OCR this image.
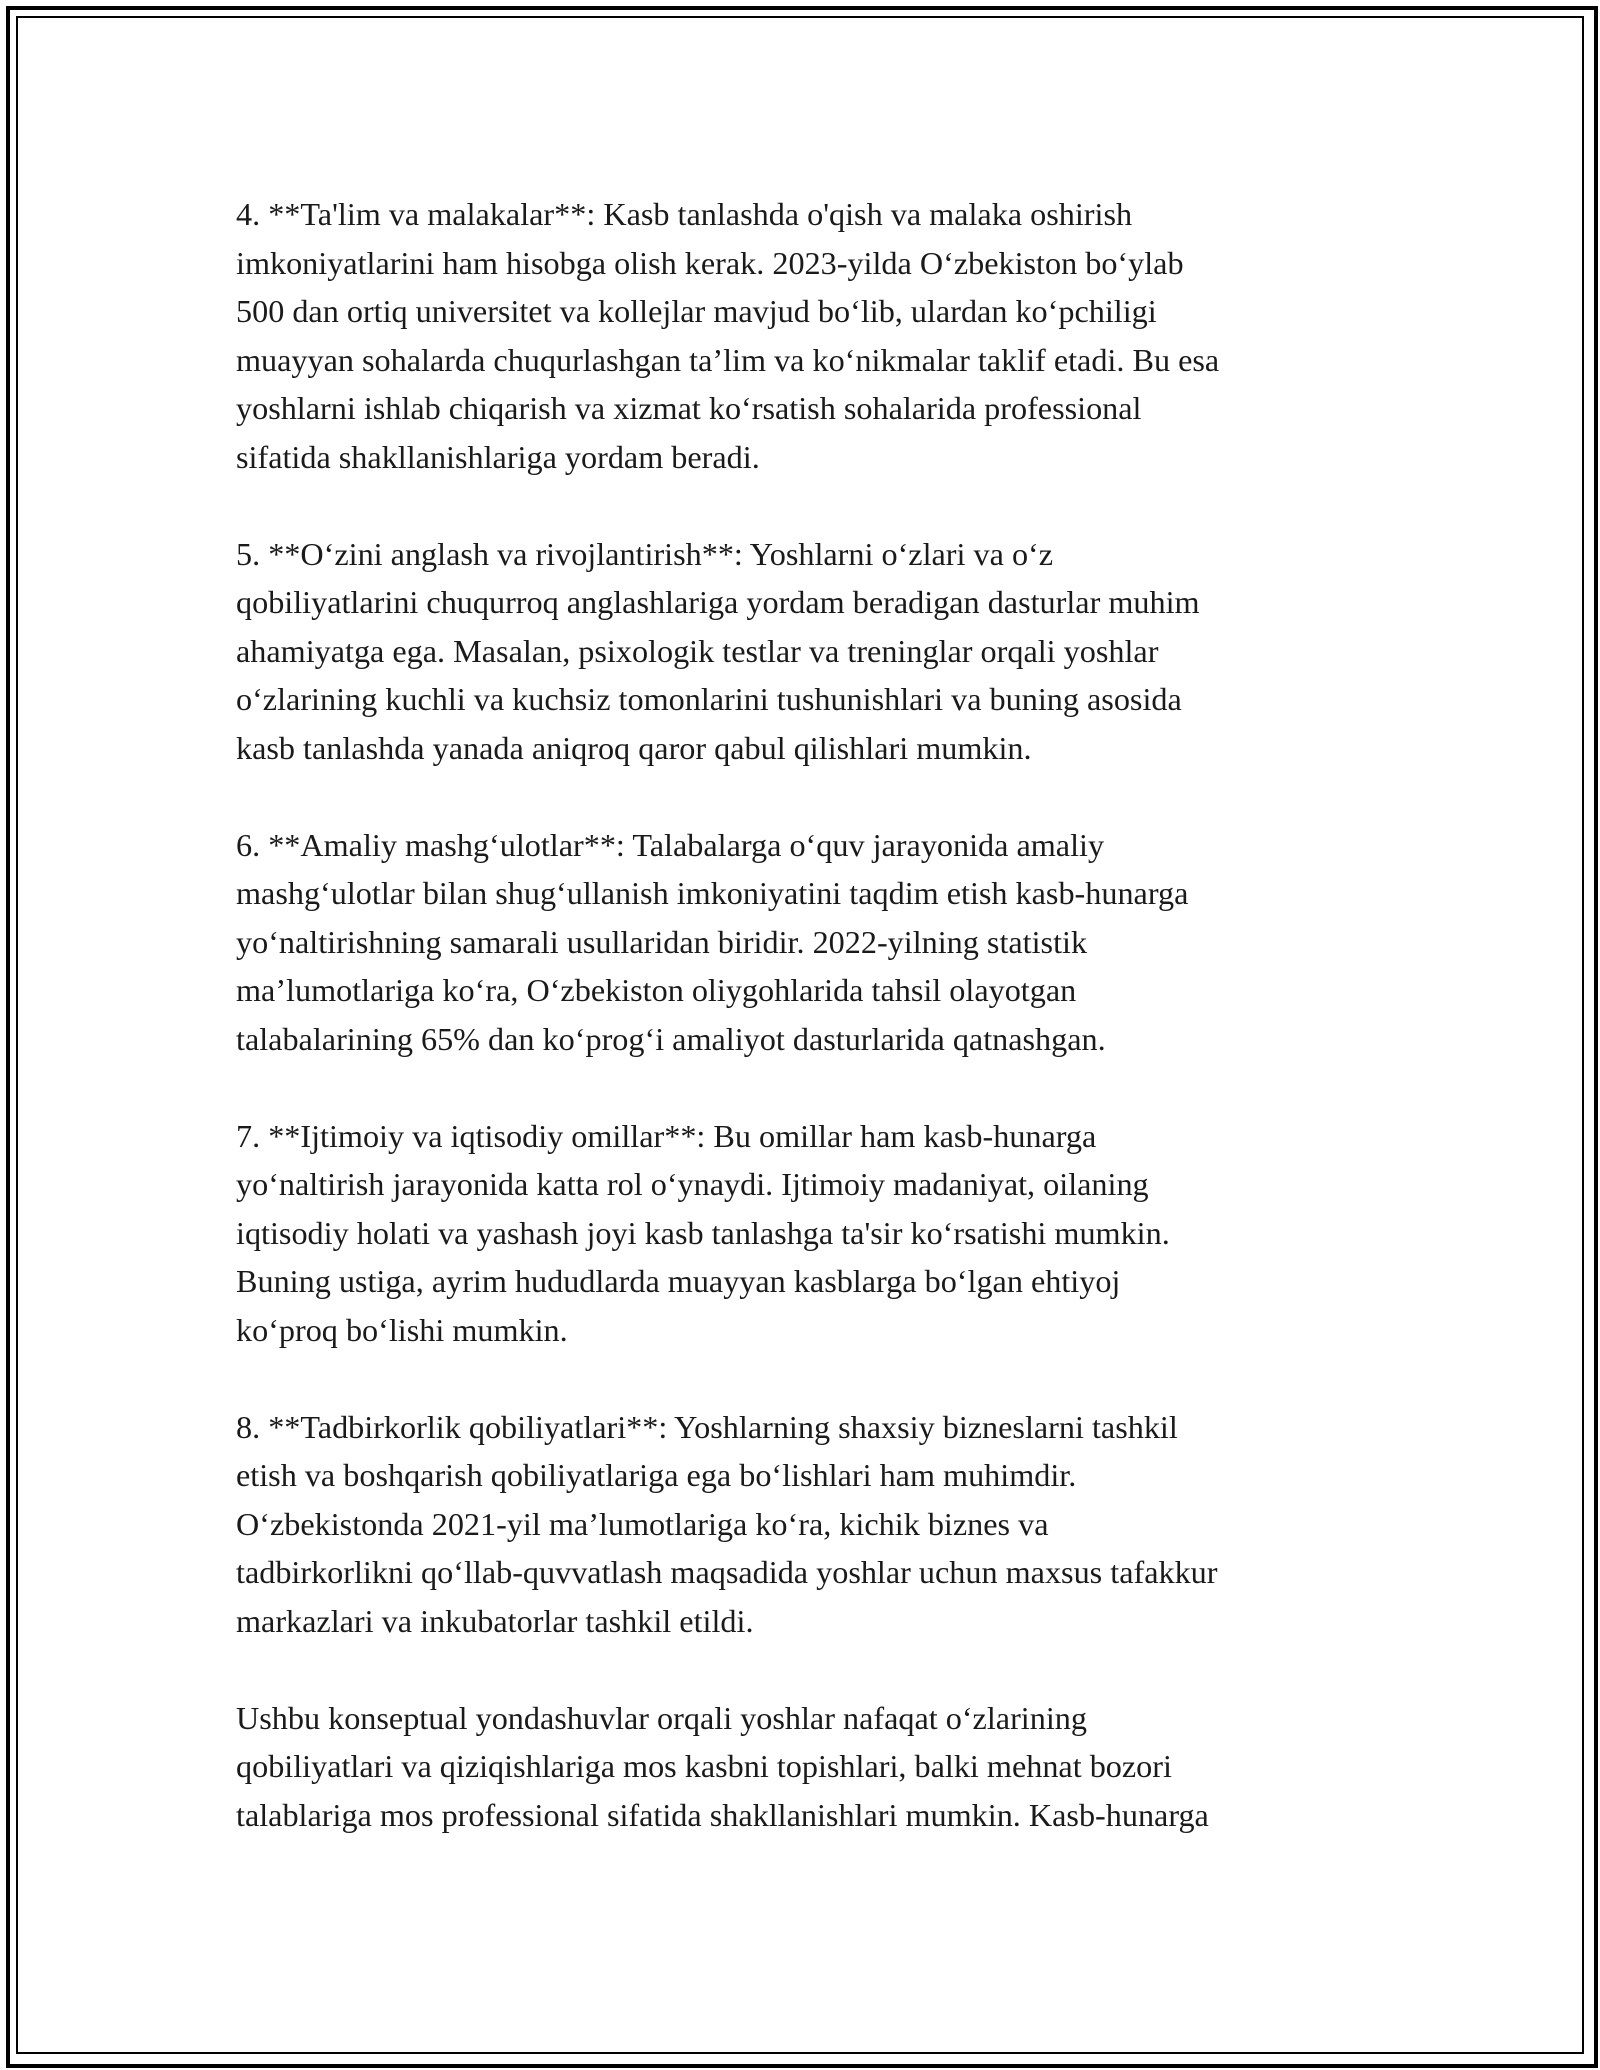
4. **Ta'lim va malakalar**: Kasb tanlashda o'qish va malaka oshirish
imkoniyatlarini ham hisobga olish kerak. 2023-yilda O‘zbekiston bo‘ylab
500 dan ortiq universitet va kollejlar mavjud bo‘lib, ulardan ko‘pchiligi
muayyan sohalarda chuqurlashgan ta’lim va ko‘nikmalar taklif etadi. Bu esa
yoshlarni ishlab chiqarish va xizmat ko‘rsatish sohalarida professional
sifatida shakllanishlariga yordam beradi.

5. **O‘zini anglash va rivojlantirish**: Yoshlarni o‘zlari va o‘z
qobiliyatlarini chuqurroq anglashlariga yordam beradigan dasturlar muhim
ahamiyatga ega. Masalan, psixologik testlar va treninglar orqali yoshlar
o‘zlarining kuchli va kuchsiz tomonlarini tushunishlari va buning asosida
kasb tanlashda yanada aniqroq qaror qabul qilishlari mumkin.

6. **Amaliy mashg‘ulotlar**: Talabalarga o‘quv jarayonida amaliy
mashg‘ulotlar bilan shug‘ullanish imkoniyatini taqdim etish kasb-hunarga
yo‘naltirishning samarali usullaridan biridir. 2022-yilning statistik
ma’lumotlariga ko‘ra, O‘zbekiston oliygohlarida tahsil olayotgan
talabalarining 65% dan ko‘prog‘i amaliyot dasturlarida qatnashgan.

7. **Ijtimoiy va iqtisodiy omillar**: Bu omillar ham kasb-hunarga
yo‘naltirish jarayonida katta rol o‘ynaydi. Ijtimoiy madaniyat, oilaning
iqtisodiy holati va yashash joyi kasb tanlashga ta'sir ko‘rsatishi mumkin.
Buning ustiga, ayrim hududlarda muayyan kasblarga bo‘lgan ehtiyoj
ko‘proq bo‘lishi mumkin.

8. **Tadbirkorlik qobiliyatlari**: Yoshlarning shaxsiy bizneslarni tashkil
etish va boshqarish qobiliyatlariga ega bo‘lishlari ham muhimdir.
O‘zbekistonda 2021-yil ma’lumotlariga ko‘ra, kichik biznes va
tadbirkorlikni qo‘llab-quvvatlash maqsadida yoshlar uchun maxsus tafakkur
markazlari va inkubatorlar tashkil etildi.

Ushbu konseptual yondashuvlar orqali yoshlar nafaqat o‘zlarining
qobiliyatlari va qiziqishlariga mos kasbni topishlari, balki mehnat bozori
talablariga mos professional sifatida shakllanishlari mumkin. Kasb-hunarga
